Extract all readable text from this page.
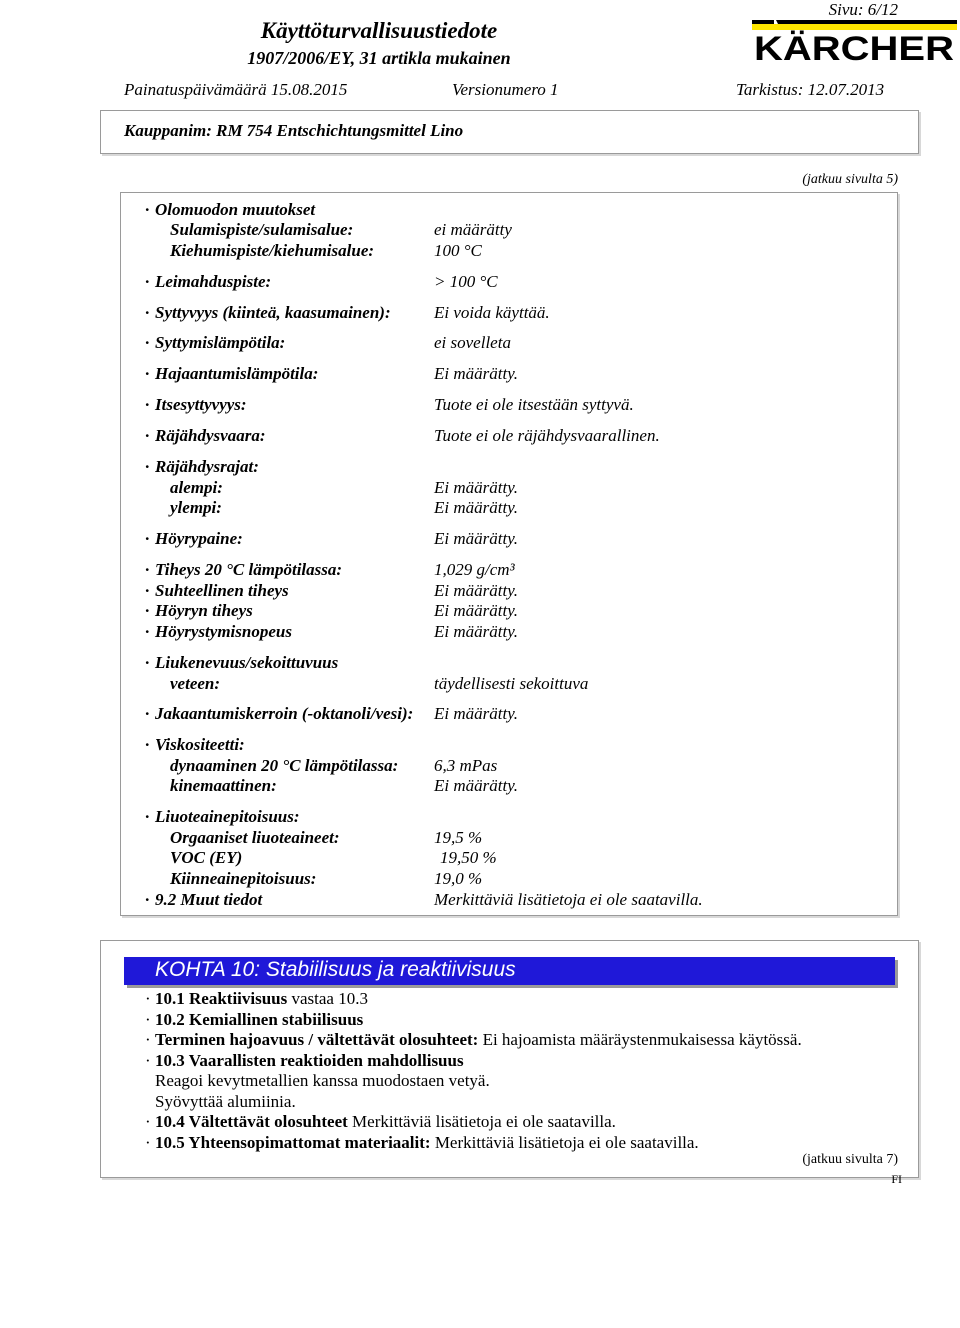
Sivu: 6/12
Käyttöturvallisuustiedote
1907/2006/EY, 31 artikla mukainen	KÄRCHER
Painatuspäivämäärä 15.08.2015	Versionumero 1	Tarkistus: 12.07.2013
Kauppanim: RM 754 Entschichtungsmittel Lino
(jatkuu sivulta 5)
· Olomuodon muutokset
Sulamispiste/sulamisalue:	ei määrätty
Kiehumispiste/kiehumisalue:	100 °C
· Leimahduspiste:	> 100 °C
· Syttyvyys (kiinteä, kaasumainen):	Ei voida käyttää.
· Syttymislämpötila:	ei sovelleta
· Hajaantumislämpötila:	Ei määrätty.
· Itsesyttyvyys:	Tuote ei ole itsestään syttyvä.
· Räjähdysvaara:	Tuote ei ole räjähdysvaarallinen.
· Räjähdysrajat:
alempi:	Ei määrätty.
ylempi:	Ei määrätty.
· Höyrypaine:	Ei määrätty.
· Tiheys 20 °C lämpötilassa:	1,029 g/cm³
· Suhteellinen tiheys	Ei määrätty.
· Höyryn tiheys	Ei määrätty.
· Höyrystymisnopeus	Ei määrätty.
· Liukenevuus/sekoittuvuus
veteen:	täydellisesti sekoittuva
· Jakaantumiskerroin (-oktanoli/vesi): Ei määrätty.
· Viskositeetti:
dynaaminen 20 °C lämpötilassa: 6,3 mPas
kinemaattinen:	Ei määrätty.
· Liuoteainepitoisuus:
Orgaaniset liuoteaineet:	19,5 %
VOC (EY)	19,50 %
Kiinneainepitoisuus:	19,0 %
· 9.2 Muut tiedot	Merkittäviä lisätietoja ei ole saatavilla.
KOHTA 10: Stabiilisuus ja reaktiivisuus
· 10.1 Reaktiivisuus vastaa 10.3
· 10.2 Kemiallinen stabiilisuus
· Terminen hajoavuus / vältettävät olosuhteet: Ei hajoamista määräystenmukaisessa käytössä.
· 10.3 Vaarallisten reaktioiden mahdollisuus
Reagoi kevytmetallien kanssa muodostaen vetyä.
Syövyttää alumiinia.
· 10.4 Vältettävät olosuhteet Merkittäviä lisätietoja ei ole saatavilla.
· 10.5 Yhteensopimattomat materiaalit: Merkittäviä lisätietoja ei ole saatavilla.
(jatkuu sivulta 7)
FI
